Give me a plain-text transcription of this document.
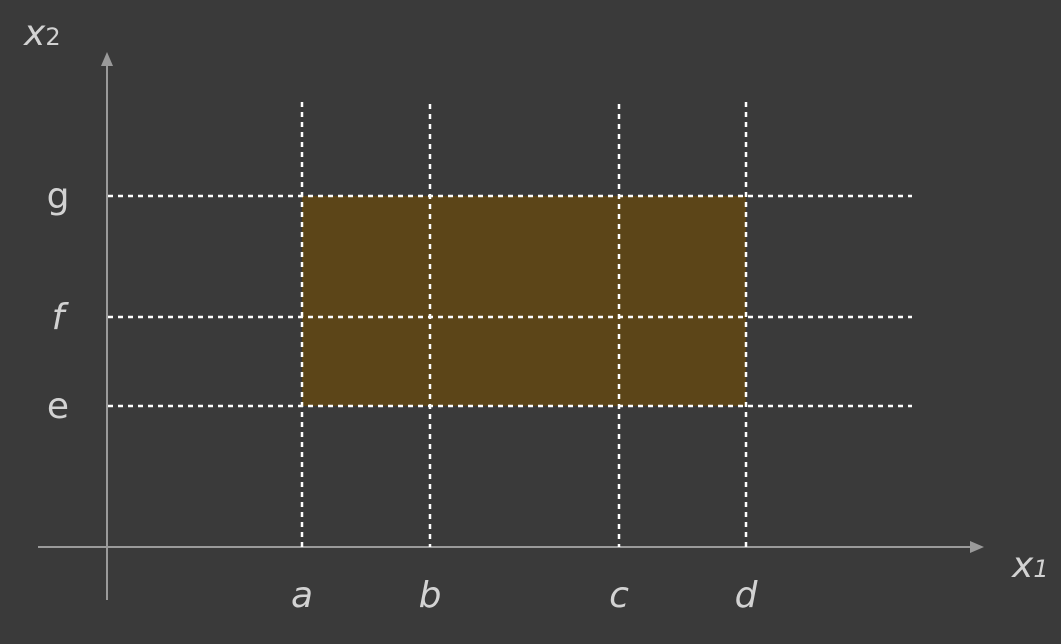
a	b	c	d
e
f
g
x2
x1
